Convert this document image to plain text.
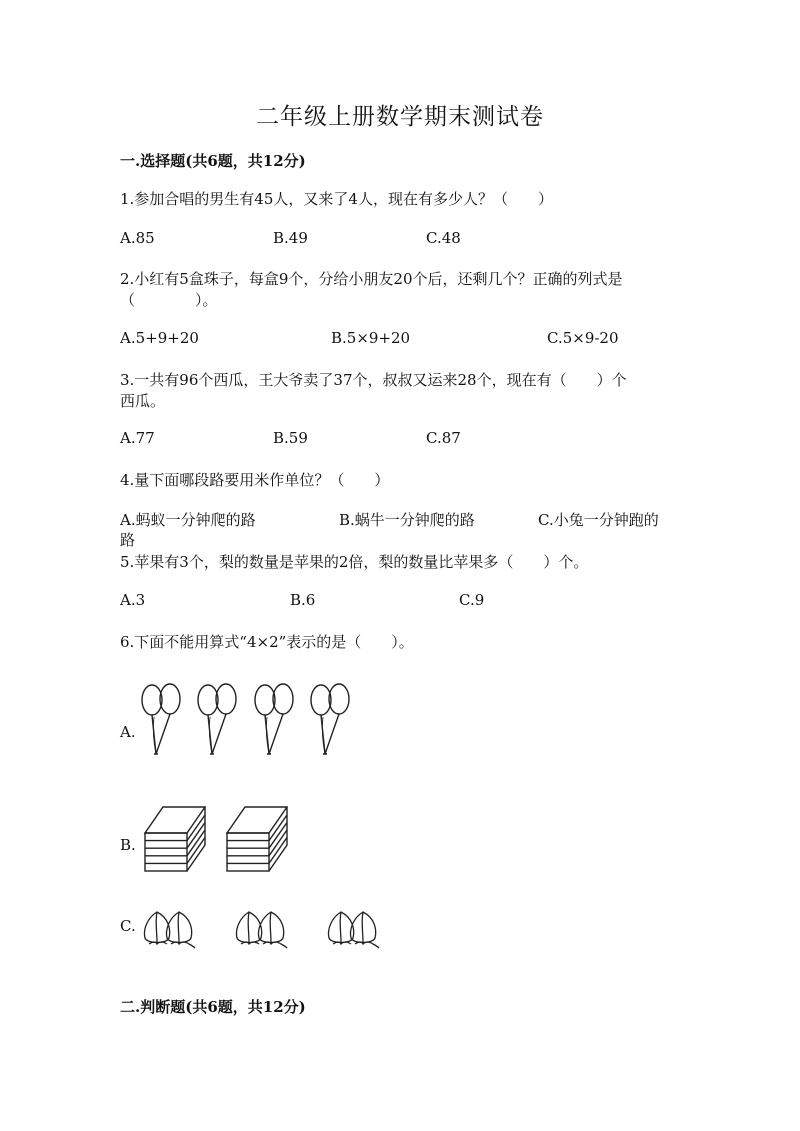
二年级上册数学期末测试卷
一.选择题(共6题，共12分)
1.参加合唱的男生有45人，又来了4人，现在有多少人？（　　）
A.85	B.49	C.48
2.小红有5盒珠子，每盒9个，分给小朋友20个后，还剩几个？正确的列式是
（　　　　）。
A.5+9+20	B.5×9+20	C.5×9-20
3.一共有96个西瓜，王大爷卖了37个，叔叔又运来28个，现在有（　　）个
西瓜。
A.77	B.59	C.87
4.量下面哪段路要用米作单位？（　　）
A.蚂蚁一分钟爬的路	B.蜗牛一分钟爬的路	C.小兔一分钟跑的
路
5.苹果有3个，梨的数量是苹果的2倍，梨的数量比苹果多（　　）个。
A.3	B.6	C.9
6.下面不能用算式“4×2”表示的是（　　）。
A.
B.
C.
二.判断题(共6题，共12分)
